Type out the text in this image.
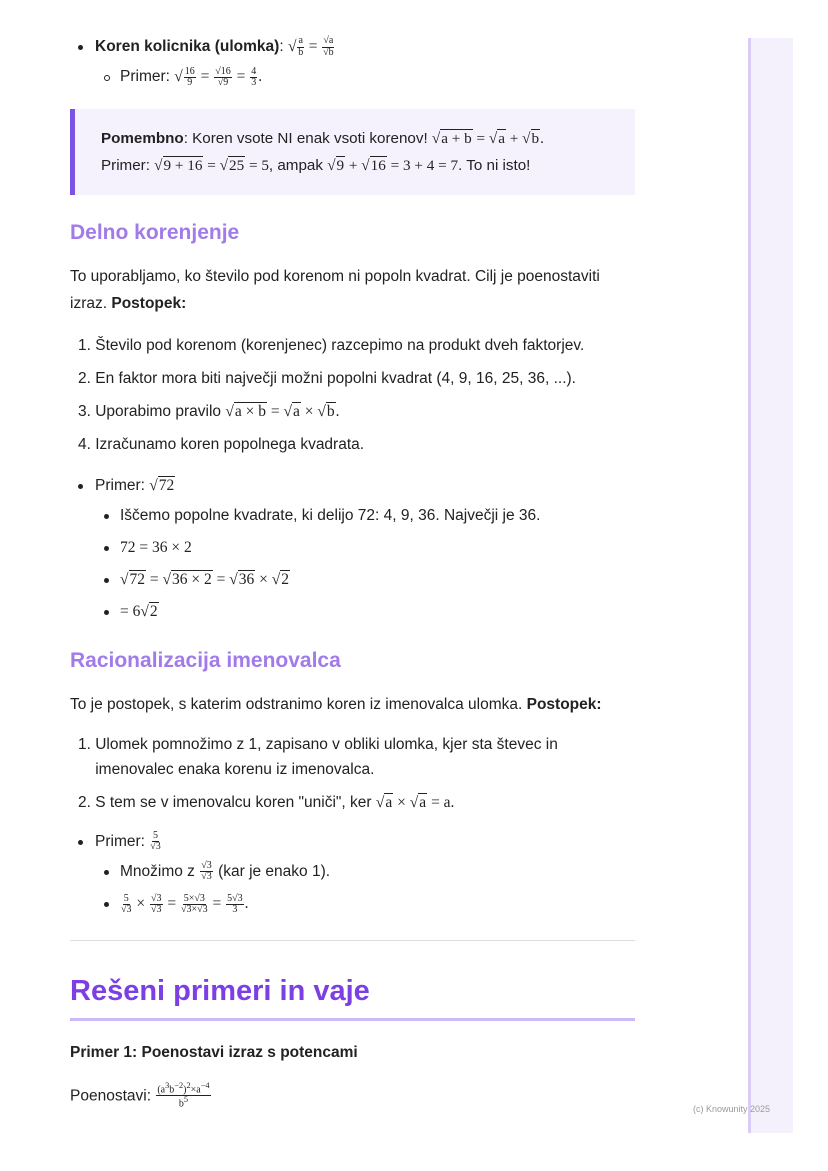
Koren kolicnika (ulomka): √ $\frac{a}{b} = \frac{√a}{√b}$
Primer: √ $\frac{16}{9} = \frac{√16}{√9} = \frac{4}{3}$ .
Pomembno: Koren vsote NI enak vsoti korenov! √a + b = √a + √b.
Primer: √9 + 16 = √25 = 5, ampak √9 + √16 = 3 + 4 = 7. To ni isto!
Delno korenjenje

To uporabljamo, ko število pod korenom ni popoln kvadrat. Cilj je poenostaviti izraz. Postopek:

1. Število pod korenom (korenjenec) razcepimo na produkt dveh faktorjev.
2. En faktor mora biti največji možni popolni kvadrat (4, 9, 16, 25, 36, ...).
3. Uporabimo pravilo √a × b = √a × √b.
4. Izračunamo koren popolnega kvadrata.
Primer: √72
Iščemo popolne kvadrate, ki delijo 72: 4, 9, 36. Največji je 36.
72 = 36 × 2
√72 = √36 × 2 = √36 × √2
= 6√2
Racionalizacija imenovalca

To je postopek, s katerim odstranimo koren iz imenovalca ulomka. Postopek:

1. Ulomek pomnožimo z 1, zapisano v obliki ulomka, kjer sta števec in imenovalec enaka korenu iz imenovalca.
2. S tem se v imenovalcu koren "uniči", ker √a × √a = a.
Primer: $\frac{5}{√3}$
Množimo z $\frac{√3}{√3} (kar$ je enako 1).
$\frac{5}{√3} \times \frac{√3}{√3} = \frac{5\times√3}{√3\times√3} = \frac{5√3}{3}$ .
Rešeni primeri in vaje

Primer 1: Poenostavi izraz s potencami

Poenostavi: $\frac{(a^3b^{-2})^2\times a^{-4}}{b^5}$	(c) Knowunity 2025
